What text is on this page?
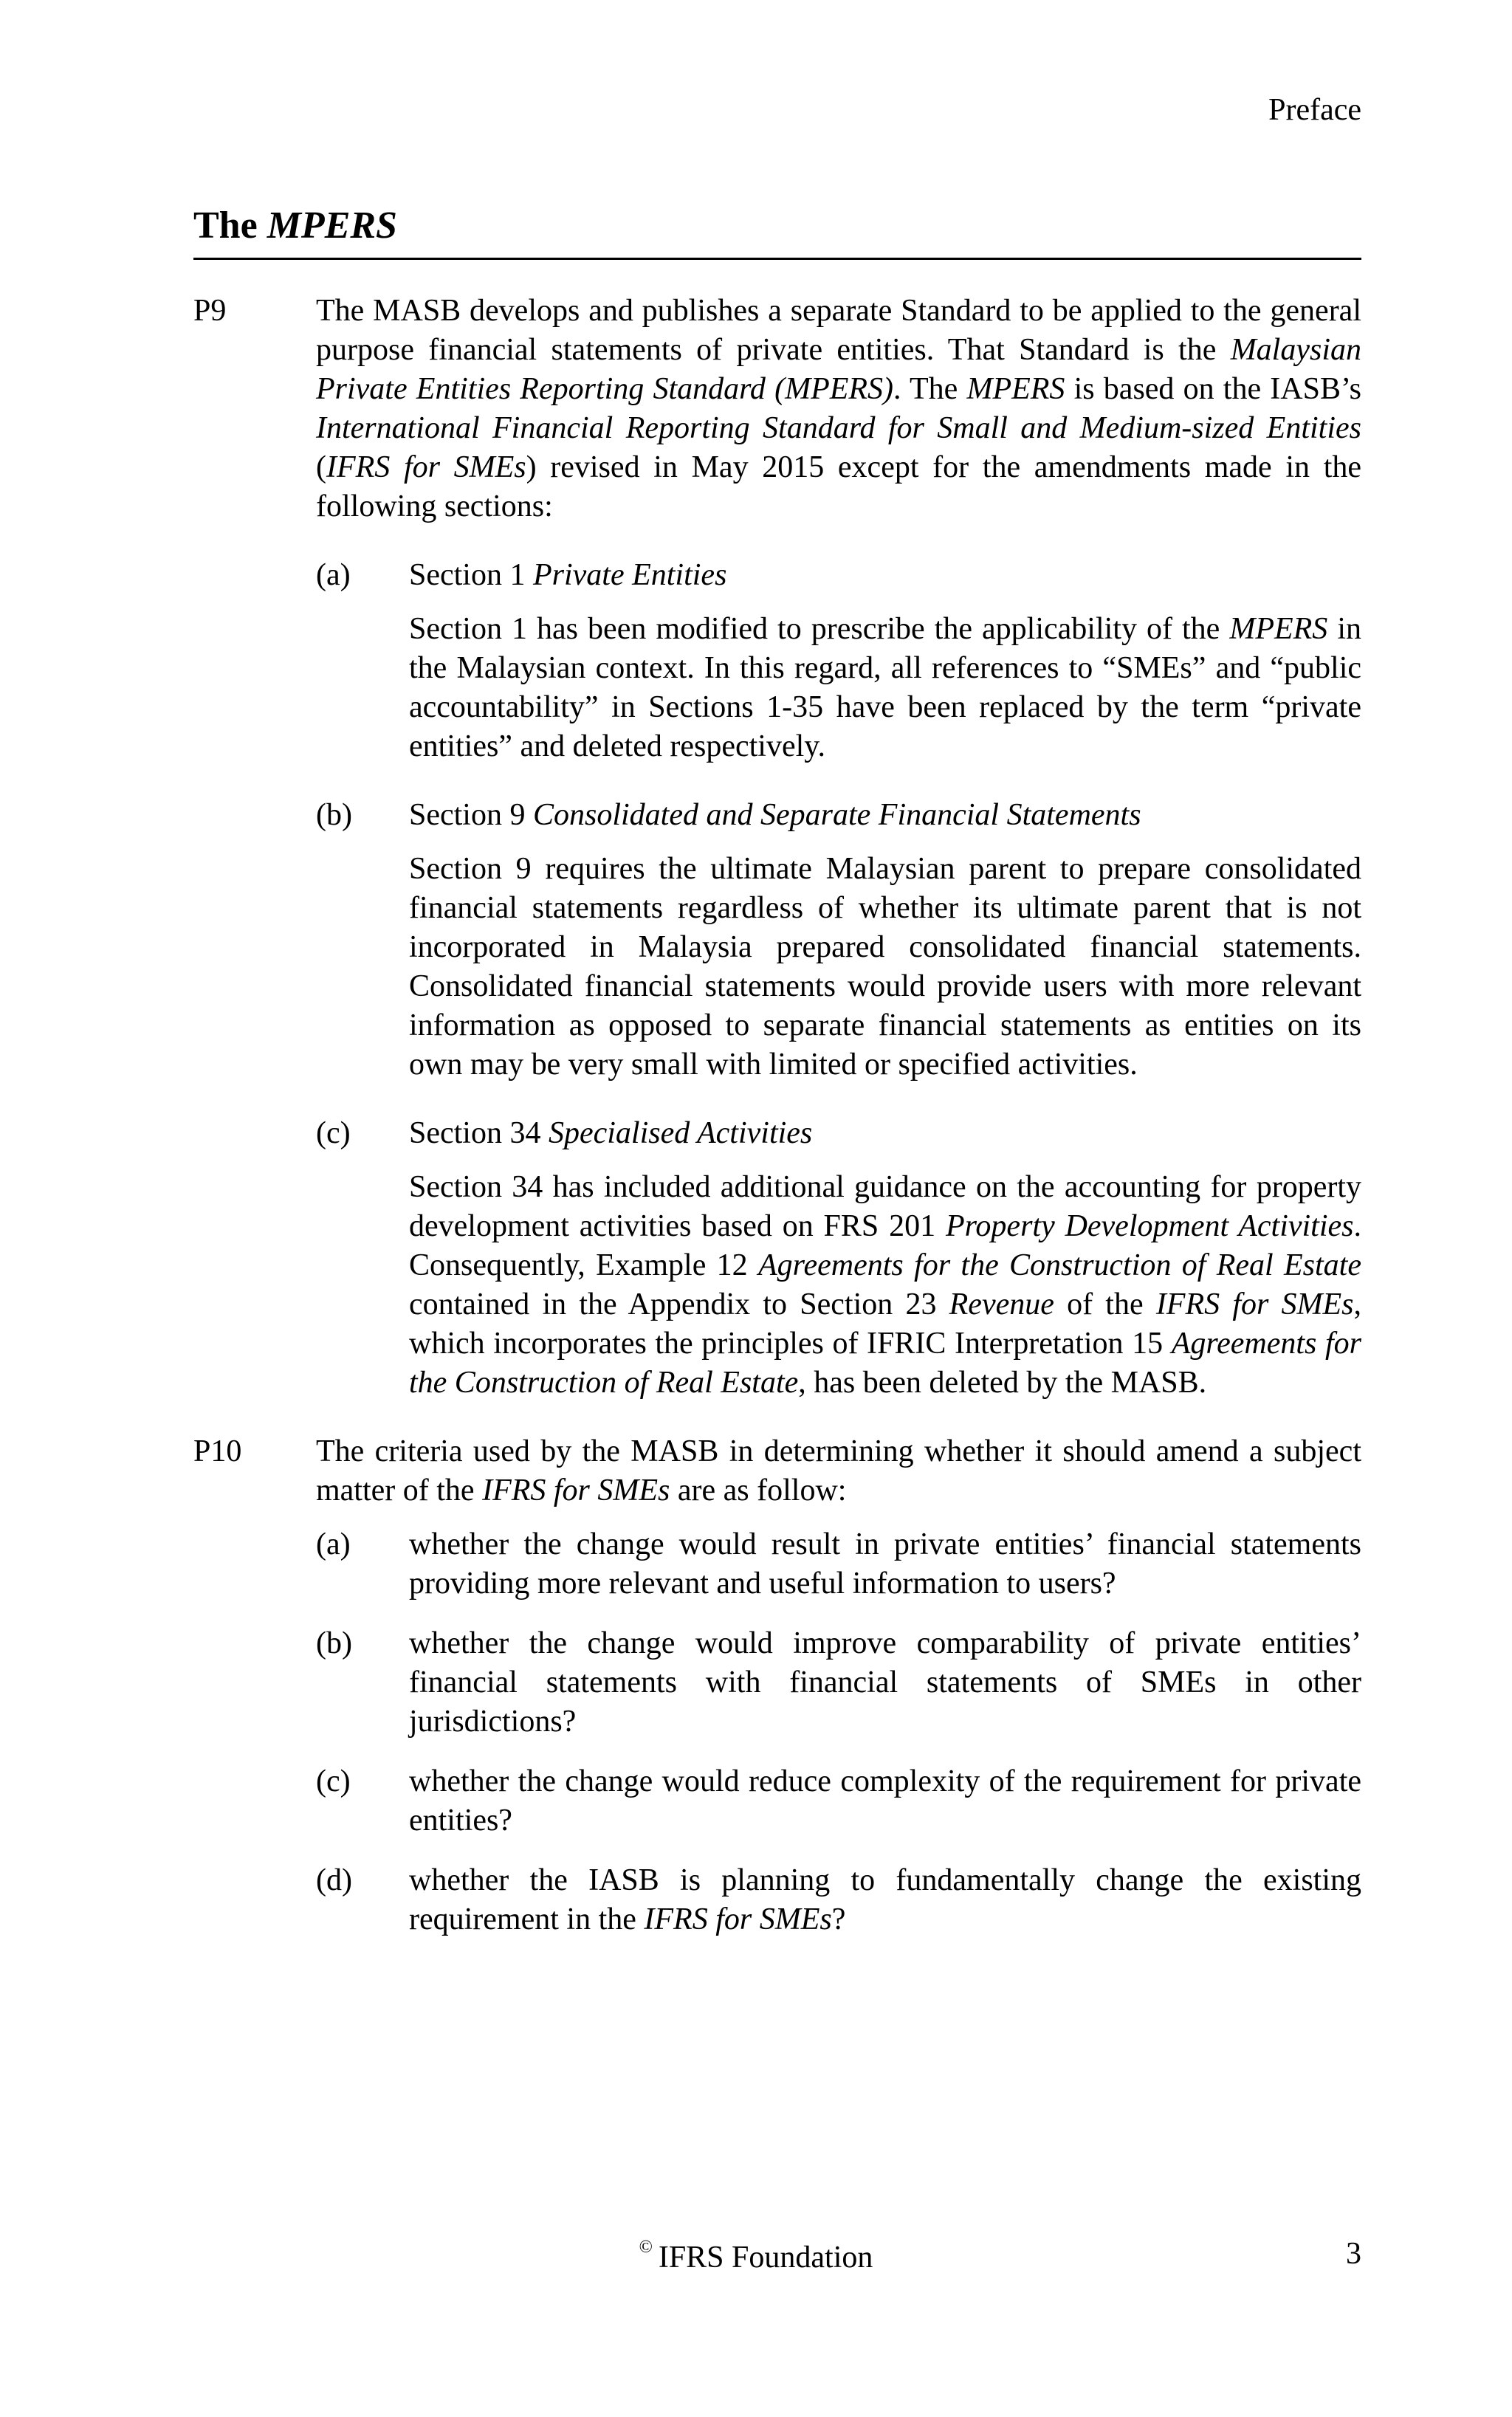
Preface
The MPERS
P9	The MASB develops and publishes a separate Standard to be applied to the general purpose financial statements of private entities. That Standard is the Malaysian Private Entities Reporting Standard (MPERS). The MPERS is based on the IASB’s International Financial Reporting Standard for Small and Medium-sized Entities (IFRS for SMEs) revised in May 2015 except for the amendments made in the following sections:

(a) Section 1 Private Entities

Section 1 has been modified to prescribe the applicability of the MPERS in the Malaysian context. In this regard, all references to “SMEs” and “public accountability” in Sections 1-35 have been replaced by the term “private entities” and deleted respectively.

(b) Section 9 Consolidated and Separate Financial Statements

Section 9 requires the ultimate Malaysian parent to prepare consolidated financial statements regardless of whether its ultimate parent that is not incorporated in Malaysia prepared consolidated financial statements. Consolidated financial statements would provide users with more relevant information as opposed to separate financial statements as entities on its own may be very small with limited or specified activities.

(c) Section 34 Specialised Activities

Section 34 has included additional guidance on the accounting for property development activities based on FRS 201 Property Development Activities. Consequently, Example 12 Agreements for the Construction of Real Estate contained in the Appendix to Section 23 Revenue of the IFRS for SMEs, which incorporates the principles of IFRIC Interpretation 15 Agreements for the Construction of Real Estate, has been deleted by the MASB.

P10 The criteria used by the MASB in determining whether it should amend a subject matter of the IFRS for SMEs are as follow:

(a) whether the change would result in private entities’ financial statements providing more relevant and useful information to users?

(b) whether the change would improve comparability of private entities’ financial statements with financial statements of SMEs in other jurisdictions?

(c) whether the change would reduce complexity of the requirement for private entities?

(d) whether the IASB is planning to fundamentally change the existing requirement in the IFRS for SMEs?

© IFRS Foundation	3
